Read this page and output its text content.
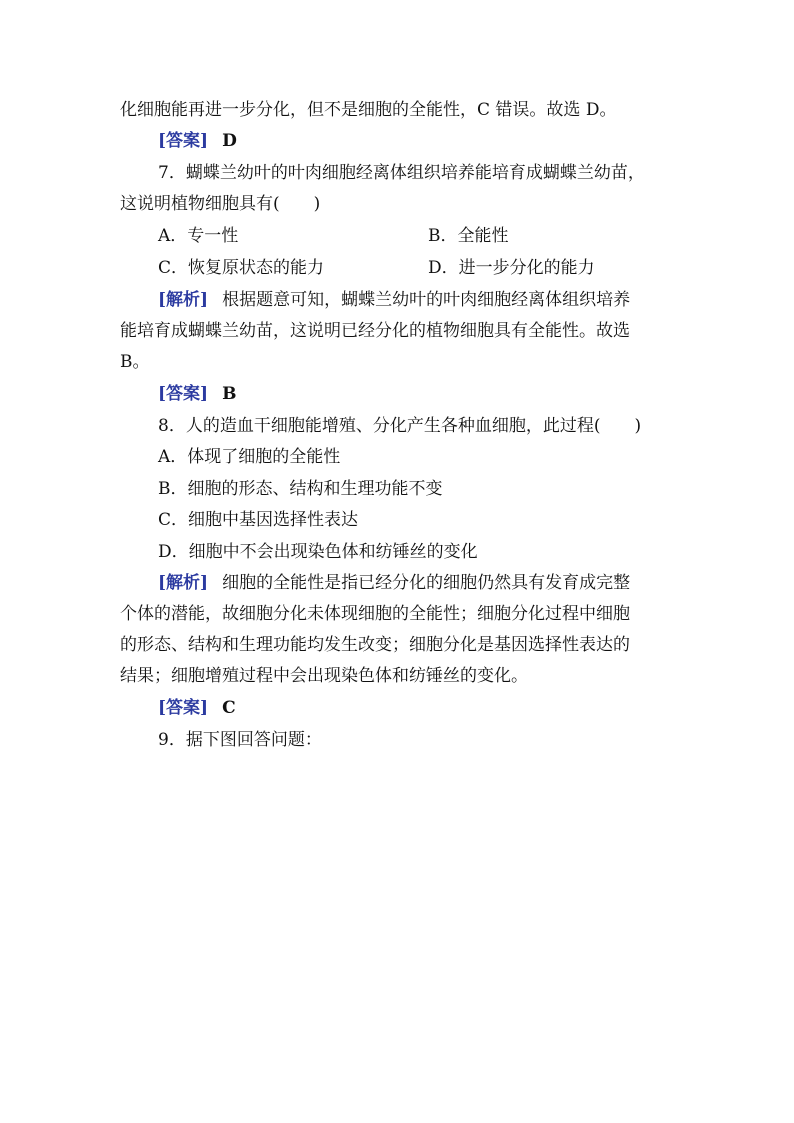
化细胞能再进一步分化，但不是细胞的全能性，C 错误。故选 D。
[答案] D
7．蝴蝶兰幼叶的叶肉细胞经离体组织培养能培育成蝴蝶兰幼苗，
这说明植物细胞具有(　　)
A．专一性	B．全能性
C．恢复原状态的能力	D．进一步分化的能力
[解析] 根据题意可知，蝴蝶兰幼叶的叶肉细胞经离体组织培养
能培育成蝴蝶兰幼苗，这说明已经分化的植物细胞具有全能性。故选
B。
[答案] B
8．人的造血干细胞能增殖、分化产生各种血细胞，此过程(　　)
A．体现了细胞的全能性
B．细胞的形态、结构和生理功能不变
C．细胞中基因选择性表达
D．细胞中不会出现染色体和纺锤丝的变化
[解析] 细胞的全能性是指已经分化的细胞仍然具有发育成完整
个体的潜能，故细胞分化未体现细胞的全能性；细胞分化过程中细胞
的形态、结构和生理功能均发生改变；细胞分化是基因选择性表达的
结果；细胞增殖过程中会出现染色体和纺锤丝的变化。
[答案] C
9．据下图回答问题：
